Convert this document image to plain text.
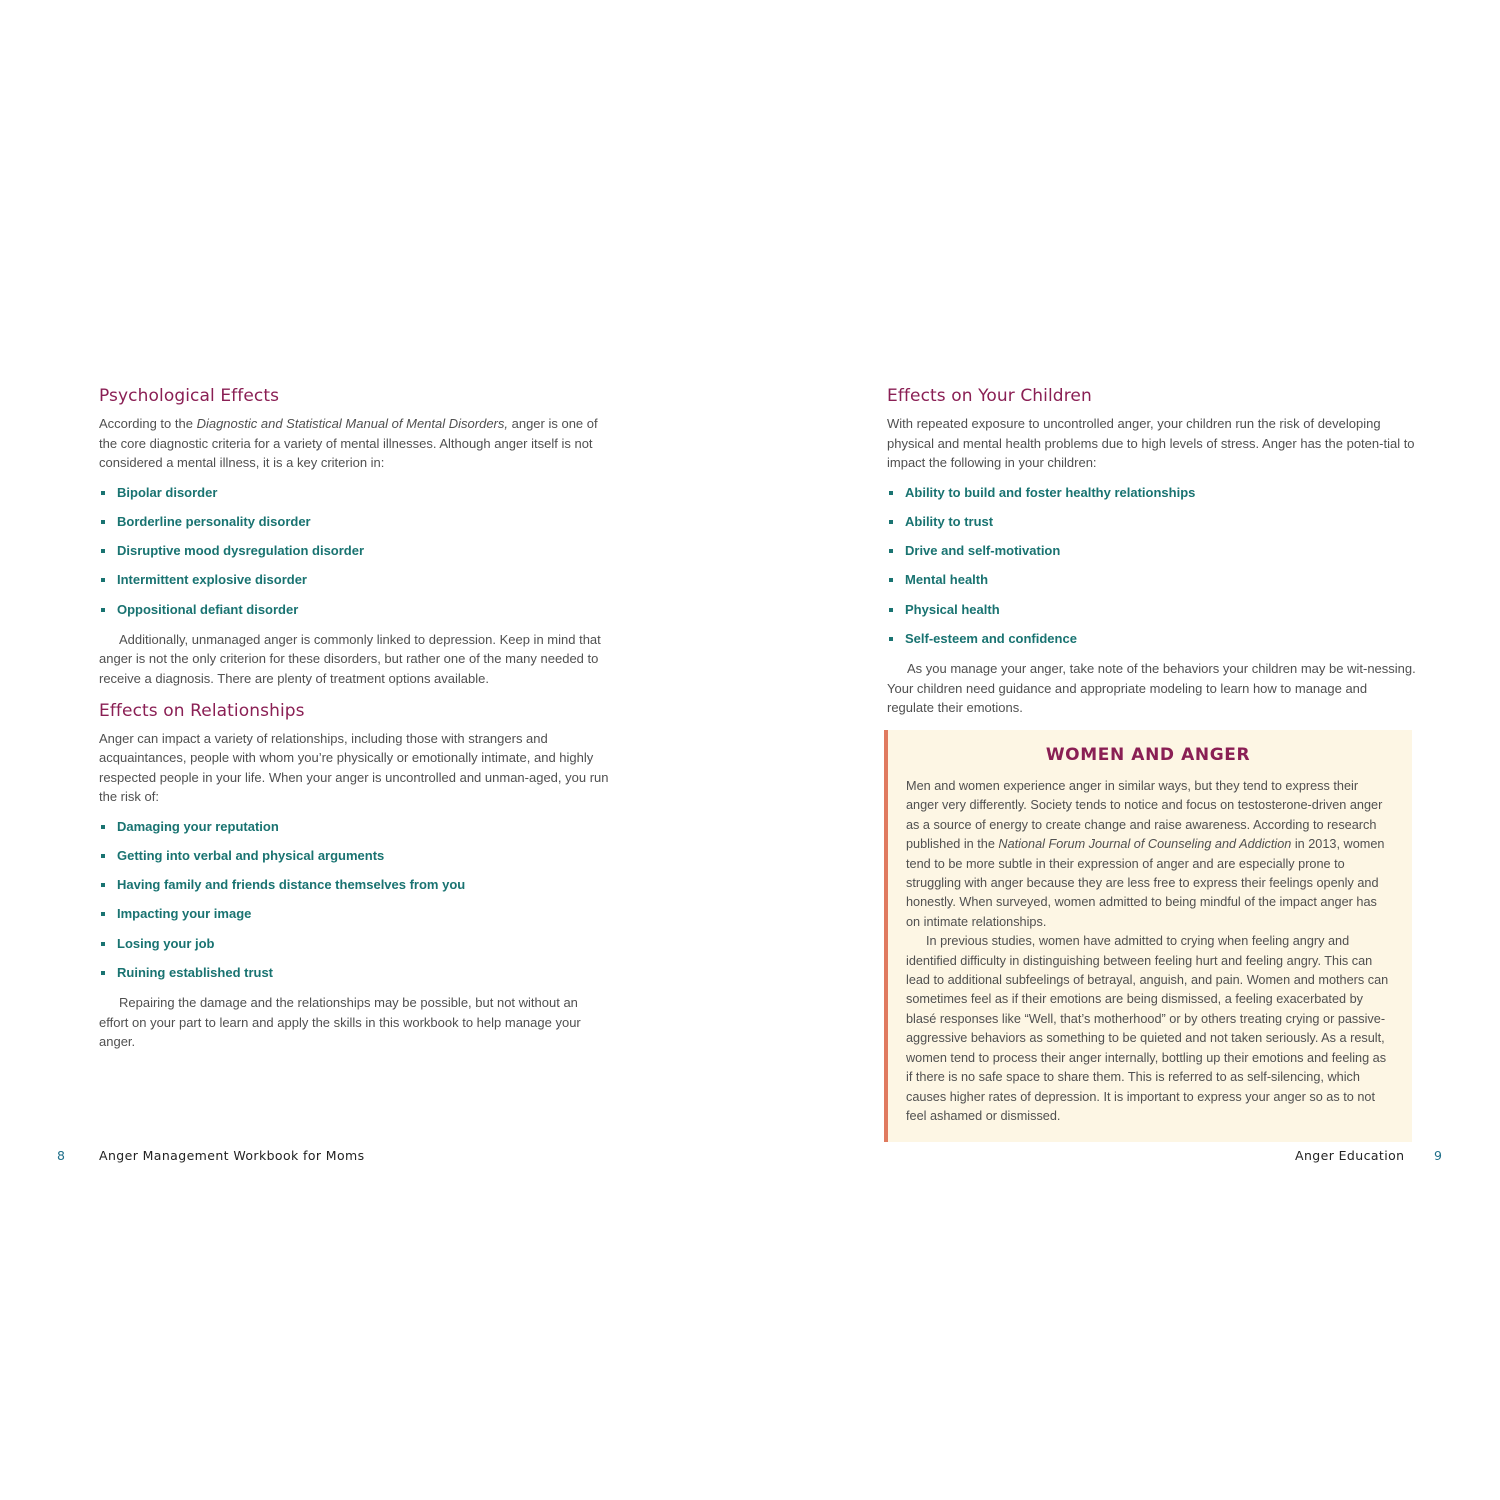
Psychological Effects

According to the Diagnostic and Statistical Manual of Mental Disorders, anger is one of the core diagnostic criteria for a variety of mental illnesses. Although anger itself is not considered a mental illness, it is a key criterion in:

Bipolar disorder
Borderline personality disorder
Disruptive mood dysregulation disorder
Intermittent explosive disorder
Oppositional defiant disorder

Additionally, unmanaged anger is commonly linked to depression. Keep in mind that anger is not the only criterion for these disorders, but rather one of the many needed to receive a diagnosis. There are plenty of treatment options available.

Effects on Relationships

Anger can impact a variety of relationships, including those with strangers and acquaintances, people with whom you’re physically or emotionally intimate, and highly respected people in your life. When your anger is uncontrolled and unman-aged, you run the risk of:

Damaging your reputation
Getting into verbal and physical arguments
Having family and friends distance themselves from you
Impacting your image
Losing your job
Ruining established trust

Repairing the damage and the relationships may be possible, but not without an effort on your part to learn and apply the skills in this workbook to help manage your anger.

8	Anger Management Workbook for Moms
Effects on Your Children

With repeated exposure to uncontrolled anger, your children run the risk of developing physical and mental health problems due to high levels of stress. Anger has the poten-tial to impact the following in your children:

Ability to build and foster healthy relationships
Ability to trust
Drive and self-motivation
Mental health
Physical health
Self-esteem and confidence

As you manage your anger, take note of the behaviors your children may be wit-nessing. Your children need guidance and appropriate modeling to learn how to manage and regulate their emotions.

WOMEN AND ANGER

Men and women experience anger in similar ways, but they tend to express their anger very differently. Society tends to notice and focus on testosterone-driven anger as a source of energy to create change and raise awareness. According to research published in the National Forum Journal of Counseling and Addiction in 2013, women tend to be more subtle in their expression of anger and are especially prone to struggling with anger because they are less free to express their feelings openly and honestly. When surveyed, women admitted to being mindful of the impact anger has on intimate relationships.

In previous studies, women have admitted to crying when feeling angry and identified difficulty in distinguishing between feeling hurt and feeling angry. This can lead to additional subfeelings of betrayal, anguish, and pain. Women and mothers can sometimes feel as if their emotions are being dismissed, a feeling exacerbated by blasé responses like “Well, that’s motherhood” or by others treating crying or passive-aggressive behaviors as something to be quieted and not taken seriously. As a result, women tend to process their anger internally, bottling up their emotions and feeling as if there is no safe space to share them. This is referred to as self-silencing, which causes higher rates of depression. It is important to express your anger so as to not feel ashamed or dismissed.

Anger Education 9
